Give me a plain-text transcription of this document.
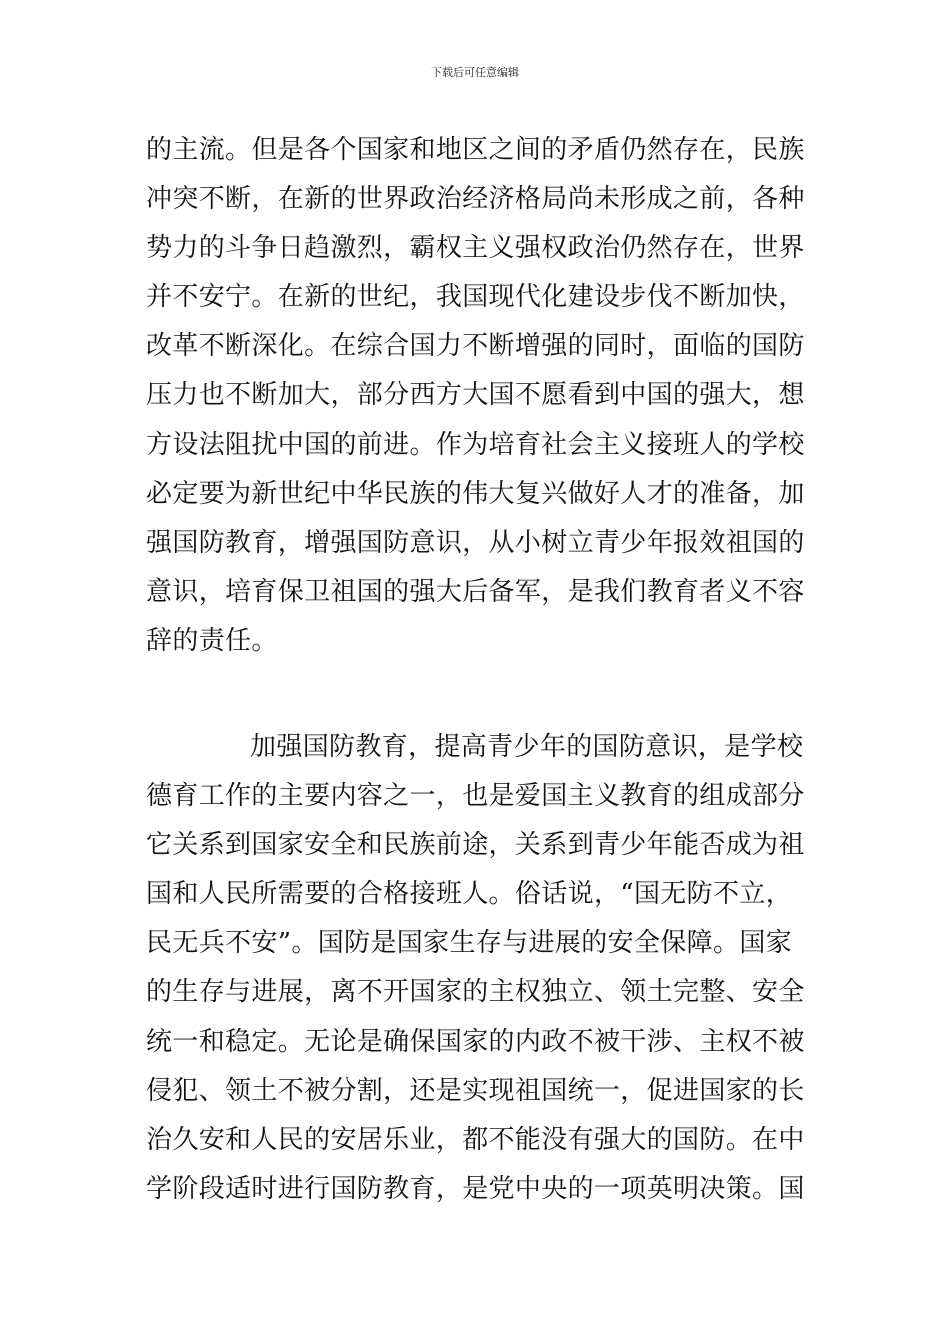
下载后可任意编辑
的主流。但是各个国家和地区之间的矛盾仍然存在，民族
冲突不断，在新的世界政治经济格局尚未形成之前，各种
势力的斗争日趋激烈，霸权主义强权政治仍然存在，世界
并不安宁。在新的世纪，我国现代化建设步伐不断加快，
改革不断深化。在综合国力不断增强的同时，面临的国防
压力也不断加大，部分西方大国不愿看到中国的强大，想
方设法阻扰中国的前进。作为培育社会主义接班人的学校
必定要为新世纪中华民族的伟大复兴做好人才的准备，加
强国防教育，增强国防意识，从小树立青少年报效祖国的
意识，培育保卫祖国的强大后备军，是我们教育者义不容
辞的责任。
加强国防教育，提高青少年的国防意识，是学校
德育工作的主要内容之一，也是爱国主义教育的组成部分
它关系到国家安全和民族前途，关系到青少年能否成为祖
国和人民所需要的合格接班人。俗话说，“国无防不立，
民无兵不安”。国防是国家生存与进展的安全保障。国家
的生存与进展，离不开国家的主权独立、领土完整、安全
统一和稳定。无论是确保国家的内政不被干涉、主权不被
侵犯、领土不被分割，还是实现祖国统一，促进国家的长
治久安和人民的安居乐业，都不能没有强大的国防。在中
学阶段适时进行国防教育，是党中央的一项英明决策。国
